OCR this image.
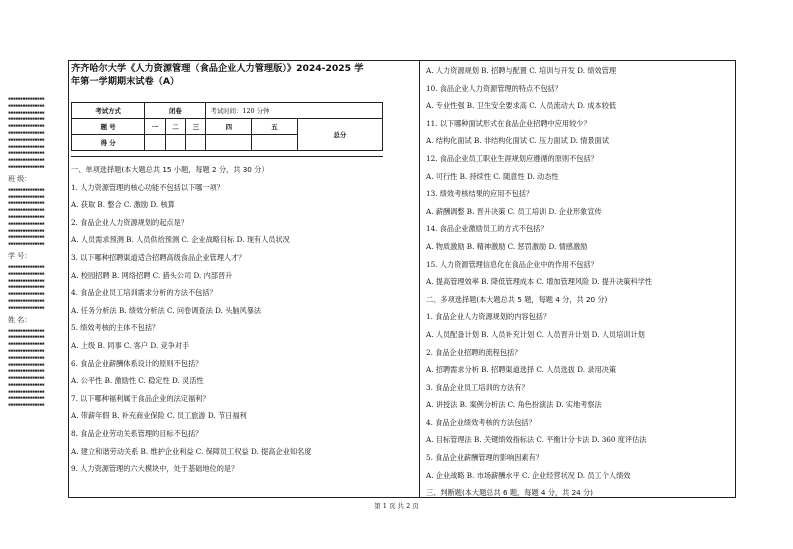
▪▪▪▪▪▪▪▪▪▪▪▪▪▪▪
▪▪▪▪▪▪▪▪▪▪▪▪▪▪▪
▪▪▪▪▪▪▪▪▪▪▪▪▪▪▪
▪▪▪▪▪▪▪▪▪▪▪▪▪▪▪
▪▪▪▪▪▪▪▪▪▪▪▪▪▪▪
▪▪▪▪▪▪▪▪▪▪▪▪▪▪▪
▪▪▪▪▪▪▪▪▪▪▪▪▪▪▪
▪▪▪▪▪▪▪▪▪▪▪▪▪▪▪
▪▪▪▪▪▪▪▪▪▪▪▪▪▪▪
▪▪▪▪▪▪▪▪▪▪▪▪▪▪▪
▪▪▪▪▪▪▪▪▪▪▪▪▪▪▪
班 级：
▪▪▪▪▪▪▪▪▪▪▪▪▪▪▪
▪▪▪▪▪▪▪▪▪▪▪▪▪▪▪
▪▪▪▪▪▪▪▪▪▪▪▪▪▪▪
▪▪▪▪▪▪▪▪▪▪▪▪▪▪▪
▪▪▪▪▪▪▪▪▪▪▪▪▪▪▪
▪▪▪▪▪▪▪▪▪▪▪▪▪▪▪
▪▪▪▪▪▪▪▪▪▪▪▪▪▪▪
▪▪▪▪▪▪▪▪▪▪▪▪▪▪▪
▪▪▪▪▪▪▪▪▪▪▪▪▪▪▪
学 号：
▪▪▪▪▪▪▪▪▪▪▪▪▪▪▪
▪▪▪▪▪▪▪▪▪▪▪▪▪▪▪
▪▪▪▪▪▪▪▪▪▪▪▪▪▪▪
▪▪▪▪▪▪▪▪▪▪▪▪▪▪▪
▪▪▪▪▪▪▪▪▪▪▪▪▪▪▪
▪▪▪▪▪▪▪▪▪▪▪▪▪▪▪
▪▪▪▪▪▪▪▪▪▪▪▪▪▪▪
姓 名：
▪▪▪▪▪▪▪▪▪▪▪▪▪▪▪
▪▪▪▪▪▪▪▪▪▪▪▪▪▪▪
▪▪▪▪▪▪▪▪▪▪▪▪▪▪▪
▪▪▪▪▪▪▪▪▪▪▪▪▪▪▪
▪▪▪▪▪▪▪▪▪▪▪▪▪▪▪
▪▪▪▪▪▪▪▪▪▪▪▪▪▪▪
▪▪▪▪▪▪▪▪▪▪▪▪▪▪▪
▪▪▪▪▪▪▪▪▪▪▪▪▪▪▪
▪▪▪▪▪▪▪▪▪▪▪▪▪▪▪
▪▪▪▪▪▪▪▪▪▪▪▪▪▪▪
▪▪▪▪▪▪▪▪▪▪▪▪▪▪▪
▪▪▪▪▪▪▪▪▪▪▪▪▪▪▪
齐齐哈尔大学《人力资源管理（食品企业人力管理版）》2024-2025 学
年第一学期期末试卷（A）
考试方式	闭卷			考试时间：120 分钟		
题 号	一	二	三	四	五	总分
得 分						
一、单项选择题(本大题总共 15 小题，每题 2 分，共 30 分）
1. 人力资源管理的核心功能不包括以下哪一项？
A. 获取 B. 整合 C. 激励 D. 核算
2. 食品企业人力资源规划的起点是？
A. 人员需求预测 B. 人员供给预测 C. 企业战略目标 D. 现有人员状况
3. 以下哪种招聘渠道适合招聘高级食品企业管理人才？
A. 校园招聘 B. 网络招聘 C. 猎头公司 D. 内部晋升
4. 食品企业员工培训需求分析的方法不包括？
A. 任务分析法 B. 绩效分析法 C. 问卷调查法 D. 头脑风暴法
5. 绩效考核的主体不包括？
A. 上级 B. 同事 C. 客户 D. 竞争对手
6. 食品企业薪酬体系设计的原则不包括？
A. 公平性 B. 激励性 C. 稳定性 D. 灵活性
7. 以下哪种福利属于食品企业的法定福利？
A. 带薪年假 B. 补充商业保险 C. 员工旅游 D. 节日福利
8. 食品企业劳动关系管理的目标不包括？
A. 建立和谐劳动关系 B. 维护企业利益 C. 保障员工权益 D. 提高企业知名度
9. 人力资源管理的六大模块中，处于基础地位的是？
A. 人力资源规划 B. 招聘与配置 C. 培训与开发 D. 绩效管理
10. 食品企业人力资源管理的特点不包括？
A. 专业性强 B. 卫生安全要求高 C. 人员流动大 D. 成本较低
11. 以下哪种面试形式在食品企业招聘中应用较少？
A. 结构化面试 B. 非结构化面试 C. 压力面试 D. 情景面试
12. 食品企业员工职业生涯规划应遵循的原则不包括？
A. 可行性 B. 持续性 C. 随意性 D. 动态性
13. 绩效考核结果的应用不包括？
A. 薪酬调整 B. 晋升决策 C. 员工培训 D. 企业形象宣传
14. 食品企业激励员工的方式不包括？
A. 物质激励 B. 精神激励 C. 惩罚激励 D. 情感激励
15. 人力资源管理信息化在食品企业中的作用不包括？
A. 提高管理效率 B. 降低管理成本 C. 增加管理风险 D. 提升决策科学性
二、多项选择题(本大题总共 5 题，每题 4 分，共 20 分)
1. 食品企业人力资源规划的内容包括？
A. 人员配备计划 B. 人员补充计划 C. 人员晋升计划 D. 人员培训计划
2. 食品企业招聘的流程包括？
A. 招聘需求分析 B. 招聘渠道选择 C. 人员选拔 D. 录用决策
3. 食品企业员工培训的方法有？
A. 讲授法 B. 案例分析法 C. 角色扮演法 D. 实地考察法
4. 食品企业绩效考核的方法包括？
A. 目标管理法 B. 关键绩效指标法 C. 平衡计分卡法 D. 360 度评估法
5. 食品企业薪酬管理的影响因素有？
A. 企业战略 B. 市场薪酬水平 C. 企业经营状况 D. 员工个人绩效
三、判断题(本大题总共 6 题，每题 4 分，共 24 分)
第 1 页 共 2 页
